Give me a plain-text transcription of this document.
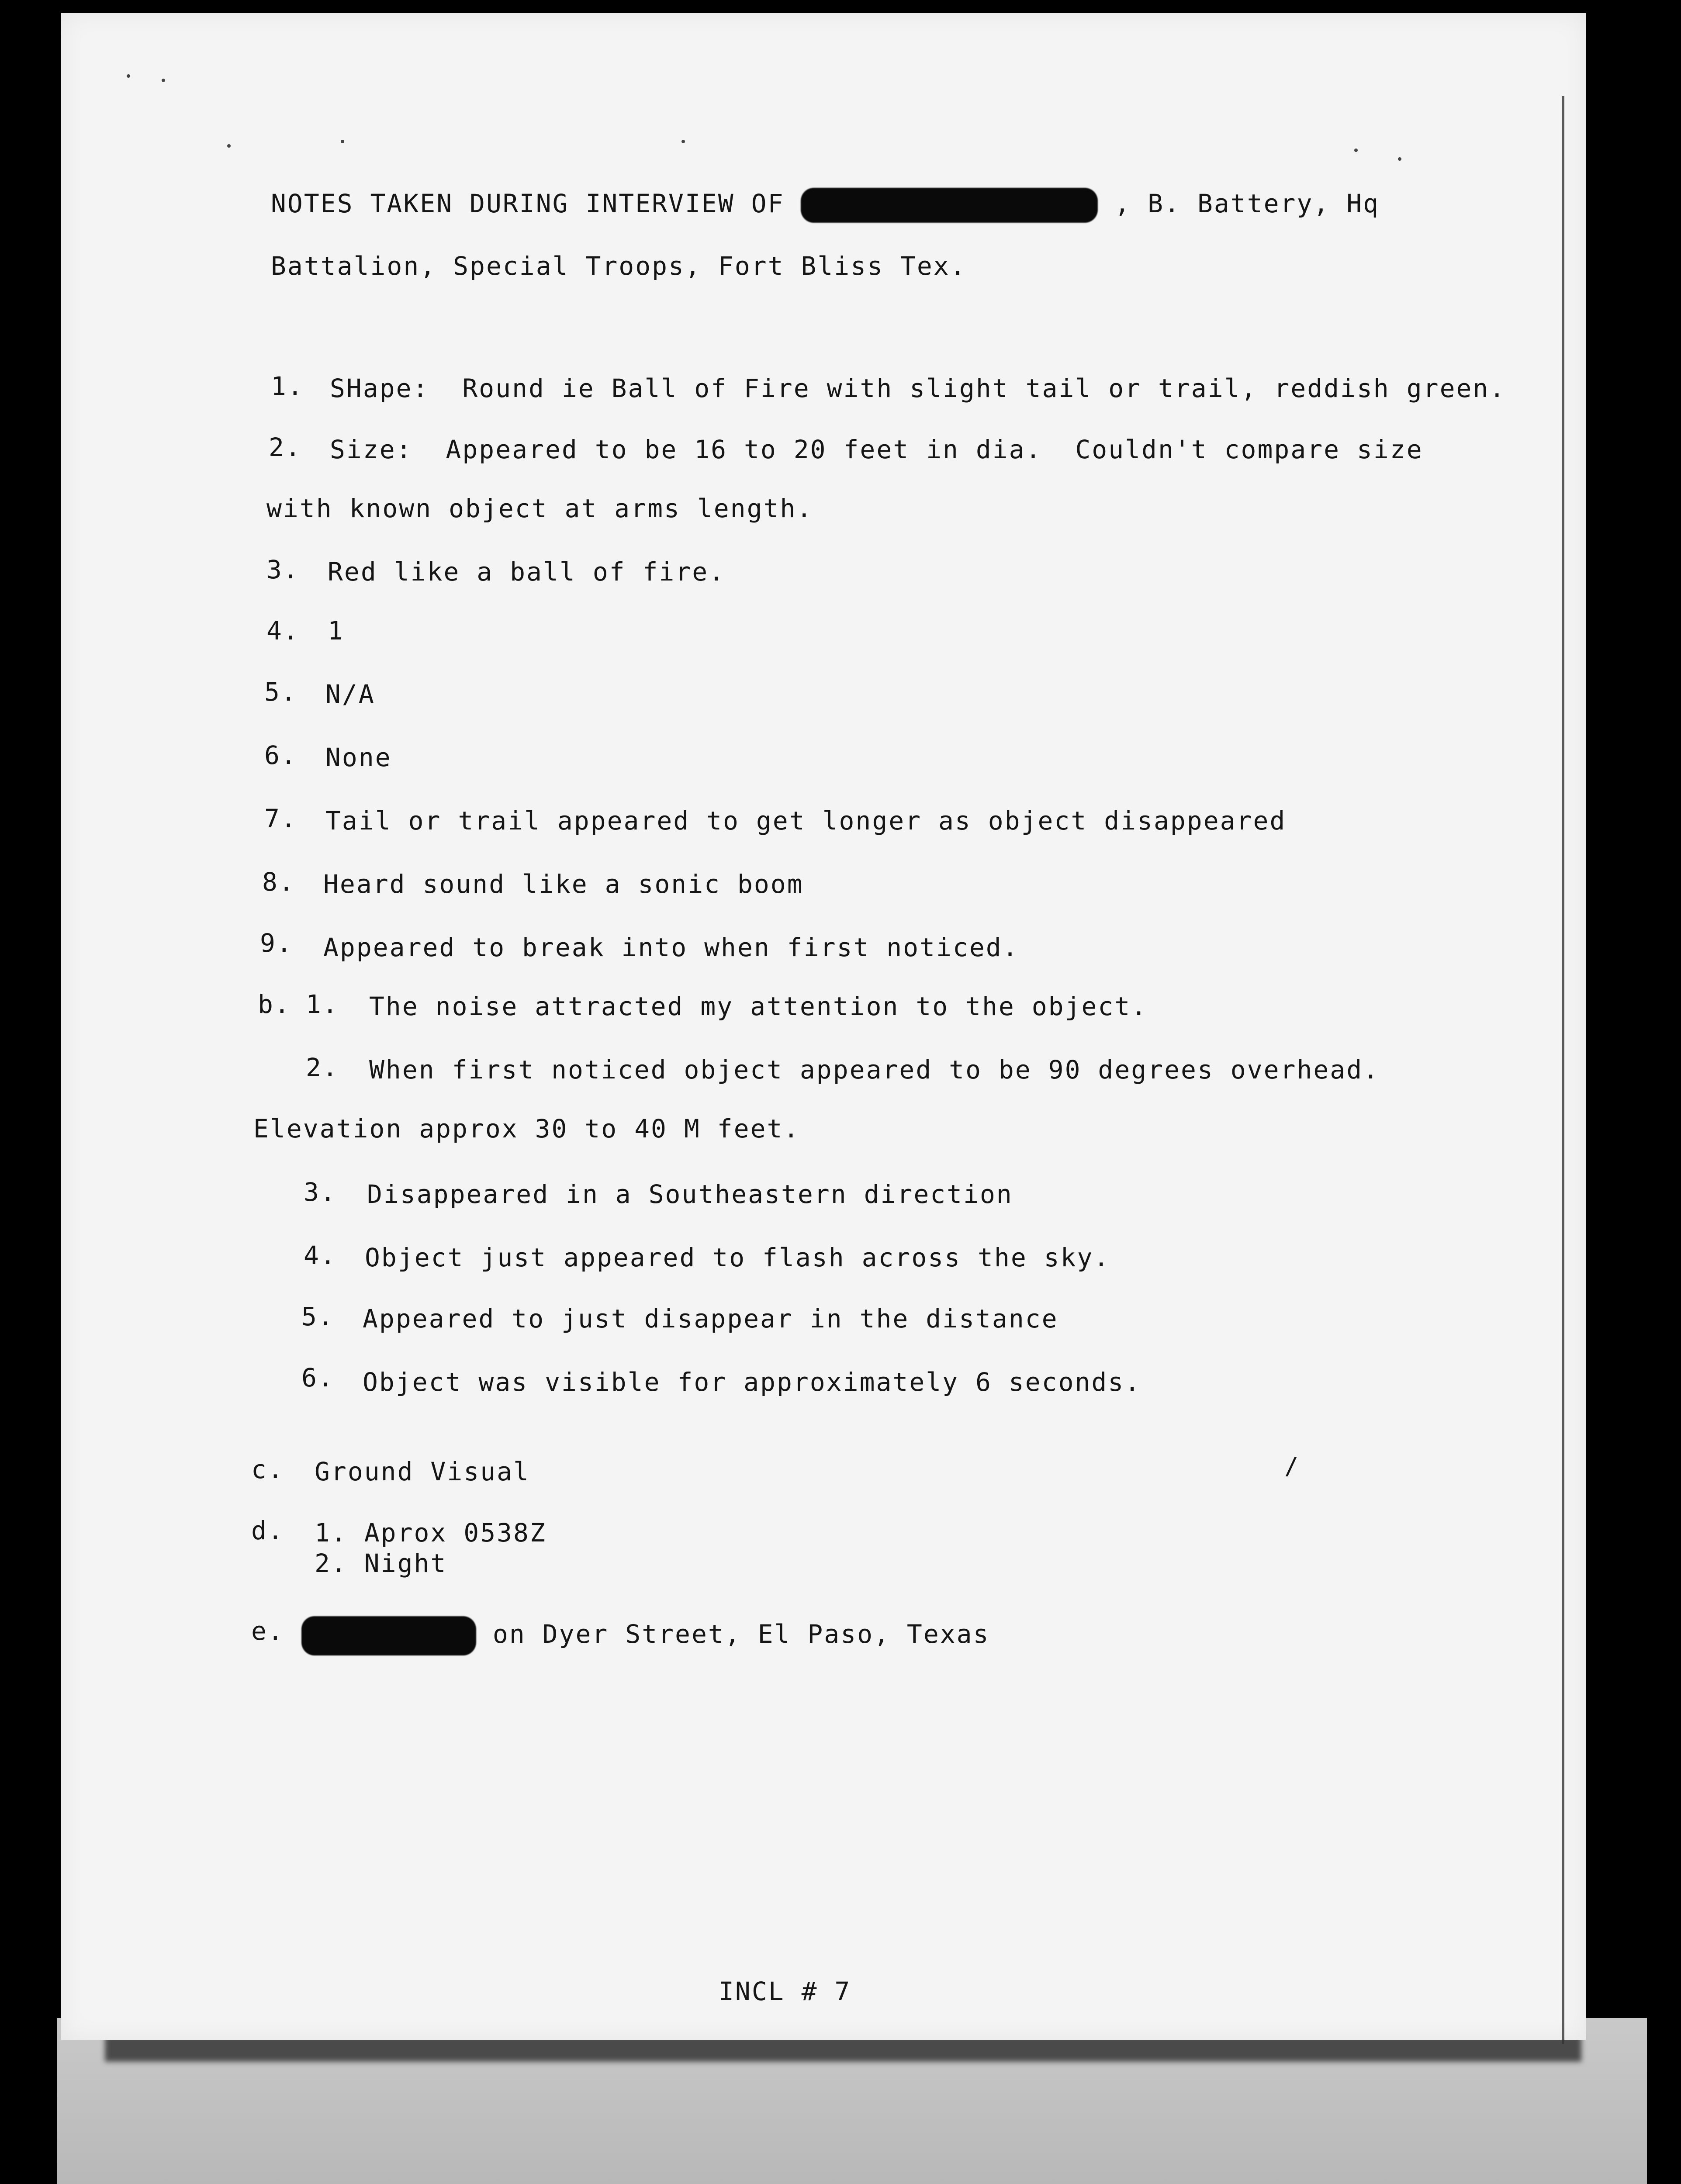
NOTES TAKEN DURING INTERVIEW OF	, B. Battery, Hq
Battalion, Special Troops, Fort Bliss Tex.
1. SHape:  Round ie Ball of Fire with slight tail or trail, reddish green.
2. Size:  Appeared to be 16 to 20 feet in dia.  Couldn't compare size
with known object at arms length.
3. Red like a ball of fire.
4. 1
5. N/A
6. None
7. Tail or trail appeared to get longer as object disappeared
8. Heard sound like a sonic boom
9. Appeared to break into when first noticed.
b. 1. The noise attracted my attention to the object.
2. When first noticed object appeared to be 90 degrees overhead.
Elevation approx 30 to 40 M feet.
3. Disappeared in a Southeastern direction
4. Object just appeared to flash across the sky.
5. Appeared to just disappear in the distance
6. Object was visible for approximately 6 seconds.
c. Ground Visual	/
d. 1. Aprox 0538Z
2. Night
e.	on Dyer Street, El Paso, Texas
INCL # 7
